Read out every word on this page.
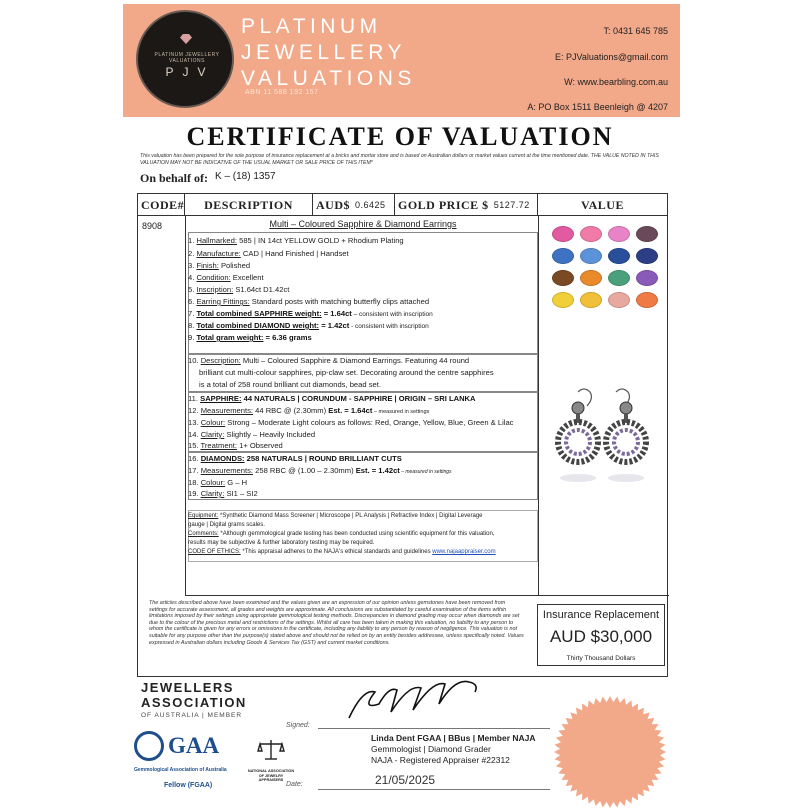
PLATINUM JEWELLERY VALUATIONS
PJV
PLATINUM
JEWELLERY
VALUATIONS
ABN 11 588 192 157
T: 0431 645 785
E: PJValuations@gmail.com
W: www.bearbling.com.au
A: PO Box 1511 Beenleigh @ 4207
CERTIFICATE OF VALUATION
This valuation has been prepared for the sole purpose of insurance replacement at a bricks and mortar store and is based on Australian dollars or market values current at the time mentioned date. THE VALUE NOTED IN THIS VALUATION MAY NOT BE INDICATIVE OF THE USUAL MARKET OR SALE PRICE OF THIS ITEM*
On behalf of: K – (18) 1357
CODE#	DESCRIPTION	AUD$ 0.6425 GOLD PRICE $ 5127.72	VALUE
8908	Multi – Coloured Sapphire & Diamond Earrings
1. Hallmarked: 585 | IN 14ct YELLOW GOLD + Rhodium Plating
2. Manufacture: CAD | Hand Finished | Handset
3. Finish: Polished
4. Condition: Excellent
5. Inscription: S1.64ct D1.42ct
6. Earring Fittings: Standard posts with matching butterfly clips attached
7. Total combined SAPPHIRE weight: = 1.64ct – consistent with inscription
8. Total combined DIAMOND weight: = 1.42ct - consistent with inscription
9. Total gram weight: = 6.36 grams
10. Description: Multi – Coloured Sapphire & Diamond Earrings. Featuring 44 round
brilliant cut multi-colour sapphires, pip-claw set. Decorating around the centre sapphires
is a total of 258 round brilliant cut diamonds, bead set.
11. SAPPHIRE: 44 NATURALS | CORUNDUM - SAPPHIRE | ORIGIN – SRI LANKA
12. Measurements: 44 RBC @ (2.30mm) Est. = 1.64ct – measured in settings
13. Colour: Strong – Moderate Light colours as follows: Red, Orange, Yellow, Blue, Green & Lilac
14. Clarity: Slightly – Heavily Included
15. Treatment: 1+ Observed
16. DIAMONDS: 258 NATURALS | ROUND BRILLIANT CUTS
17. Measurements: 258 RBC @ (1.00 – 2.30mm) Est. = 1.42ct – measured in settings
18. Colour: G – H
19. Clarity: SI1 – SI2
Equipment: *Synthetic Diamond Mass Screener | Microscope | PL Analysis | Refractive Index | Digital Leverage
gauge | Digital grams scales.
Comments: *Although gemmological grade testing has been conducted using scientific equipment for this valuation,
results may be subjective & further laboratory testing may be required.
CODE OF ETHICS: *This appraisal adheres to the NAJA's ethical standards and guidelines www.najaappraiser.com
The articles described above have been examined and the values given are an expression of our opinion unless gemstones have been removed from settings for accurate assessment, all grades and weights are approximate. All conclusions are substantiated by careful examination of the items within limitations imposed by their settings using appropriate gemmological testing methods. Discrepancies in diamond grading may occur when diamonds are set due to the colour of the precious metal and restrictions of the settings. Whilst all care has been taken in making this valuation, no liability to any person to whom the certificate is given for any errors or omissions in the certificate, including any liability to any person by reason of negligence. This valuation is not suitable for any purpose other than the purpose(s) stated above and should not be relied on by an entity besides addressee, unless specifically noted. Values expressed in Australian dollars including Goods & Services Tax (GST) and current market conditions.
Insurance Replacement
AUD $30,000
Thirty Thousand Dollars
JEWELLERS
ASSOCIATION
OF AUSTRALIA | MEMBER
GAA
Gemmological Association of Australia
Fellow (FGAA)
NATIONAL ASSOCIATION OF JEWELRY APPRAISERS
Signed:
Linda Dent FGAA | BBus | Member NAJA
Gemmologist | Diamond Grader
NAJA - Registered Appraiser #22312
Date:	21/05/2025
